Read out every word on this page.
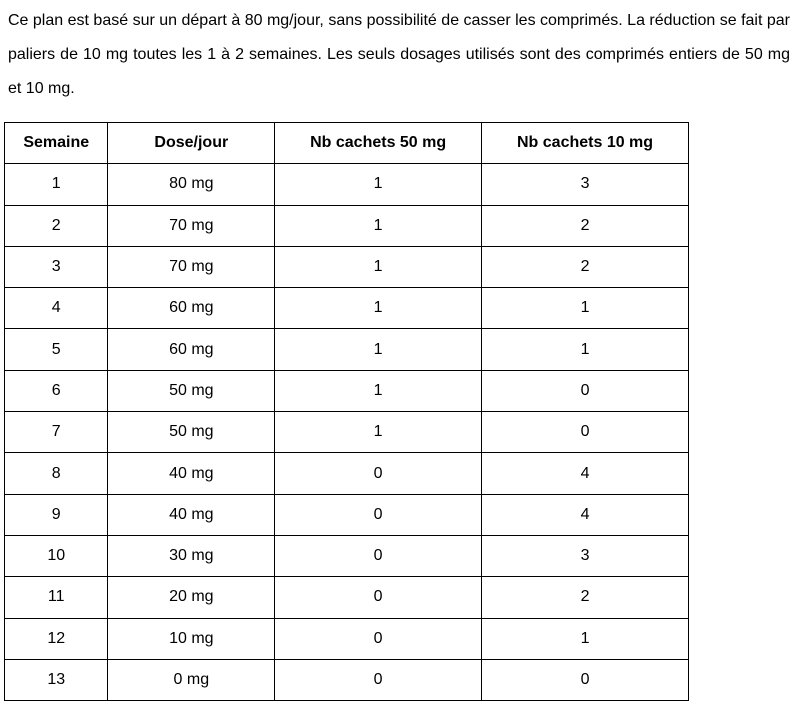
Ce plan est basé sur un départ à 80 mg/jour, sans possibilité de casser les comprimés. La réduction se fait par paliers de 10 mg toutes les 1 à 2 semaines. Les seuls dosages utilisés sont des comprimés entiers de 50 mg et 10 mg.

Semaine	Dose/jour	Nb cachets 50 mg	Nb cachets 10 mg
1	80 mg	1	3
2	70 mg	1	2
3	70 mg	1	2
4	60 mg	1	1
5	60 mg	1	1
6	50 mg	1	0
7	50 mg	1	0
8	40 mg	0	4
9	40 mg	0	4
10	30 mg	0	3
11	20 mg	0	2
12	10 mg	0	1
13	0 mg	0	0
